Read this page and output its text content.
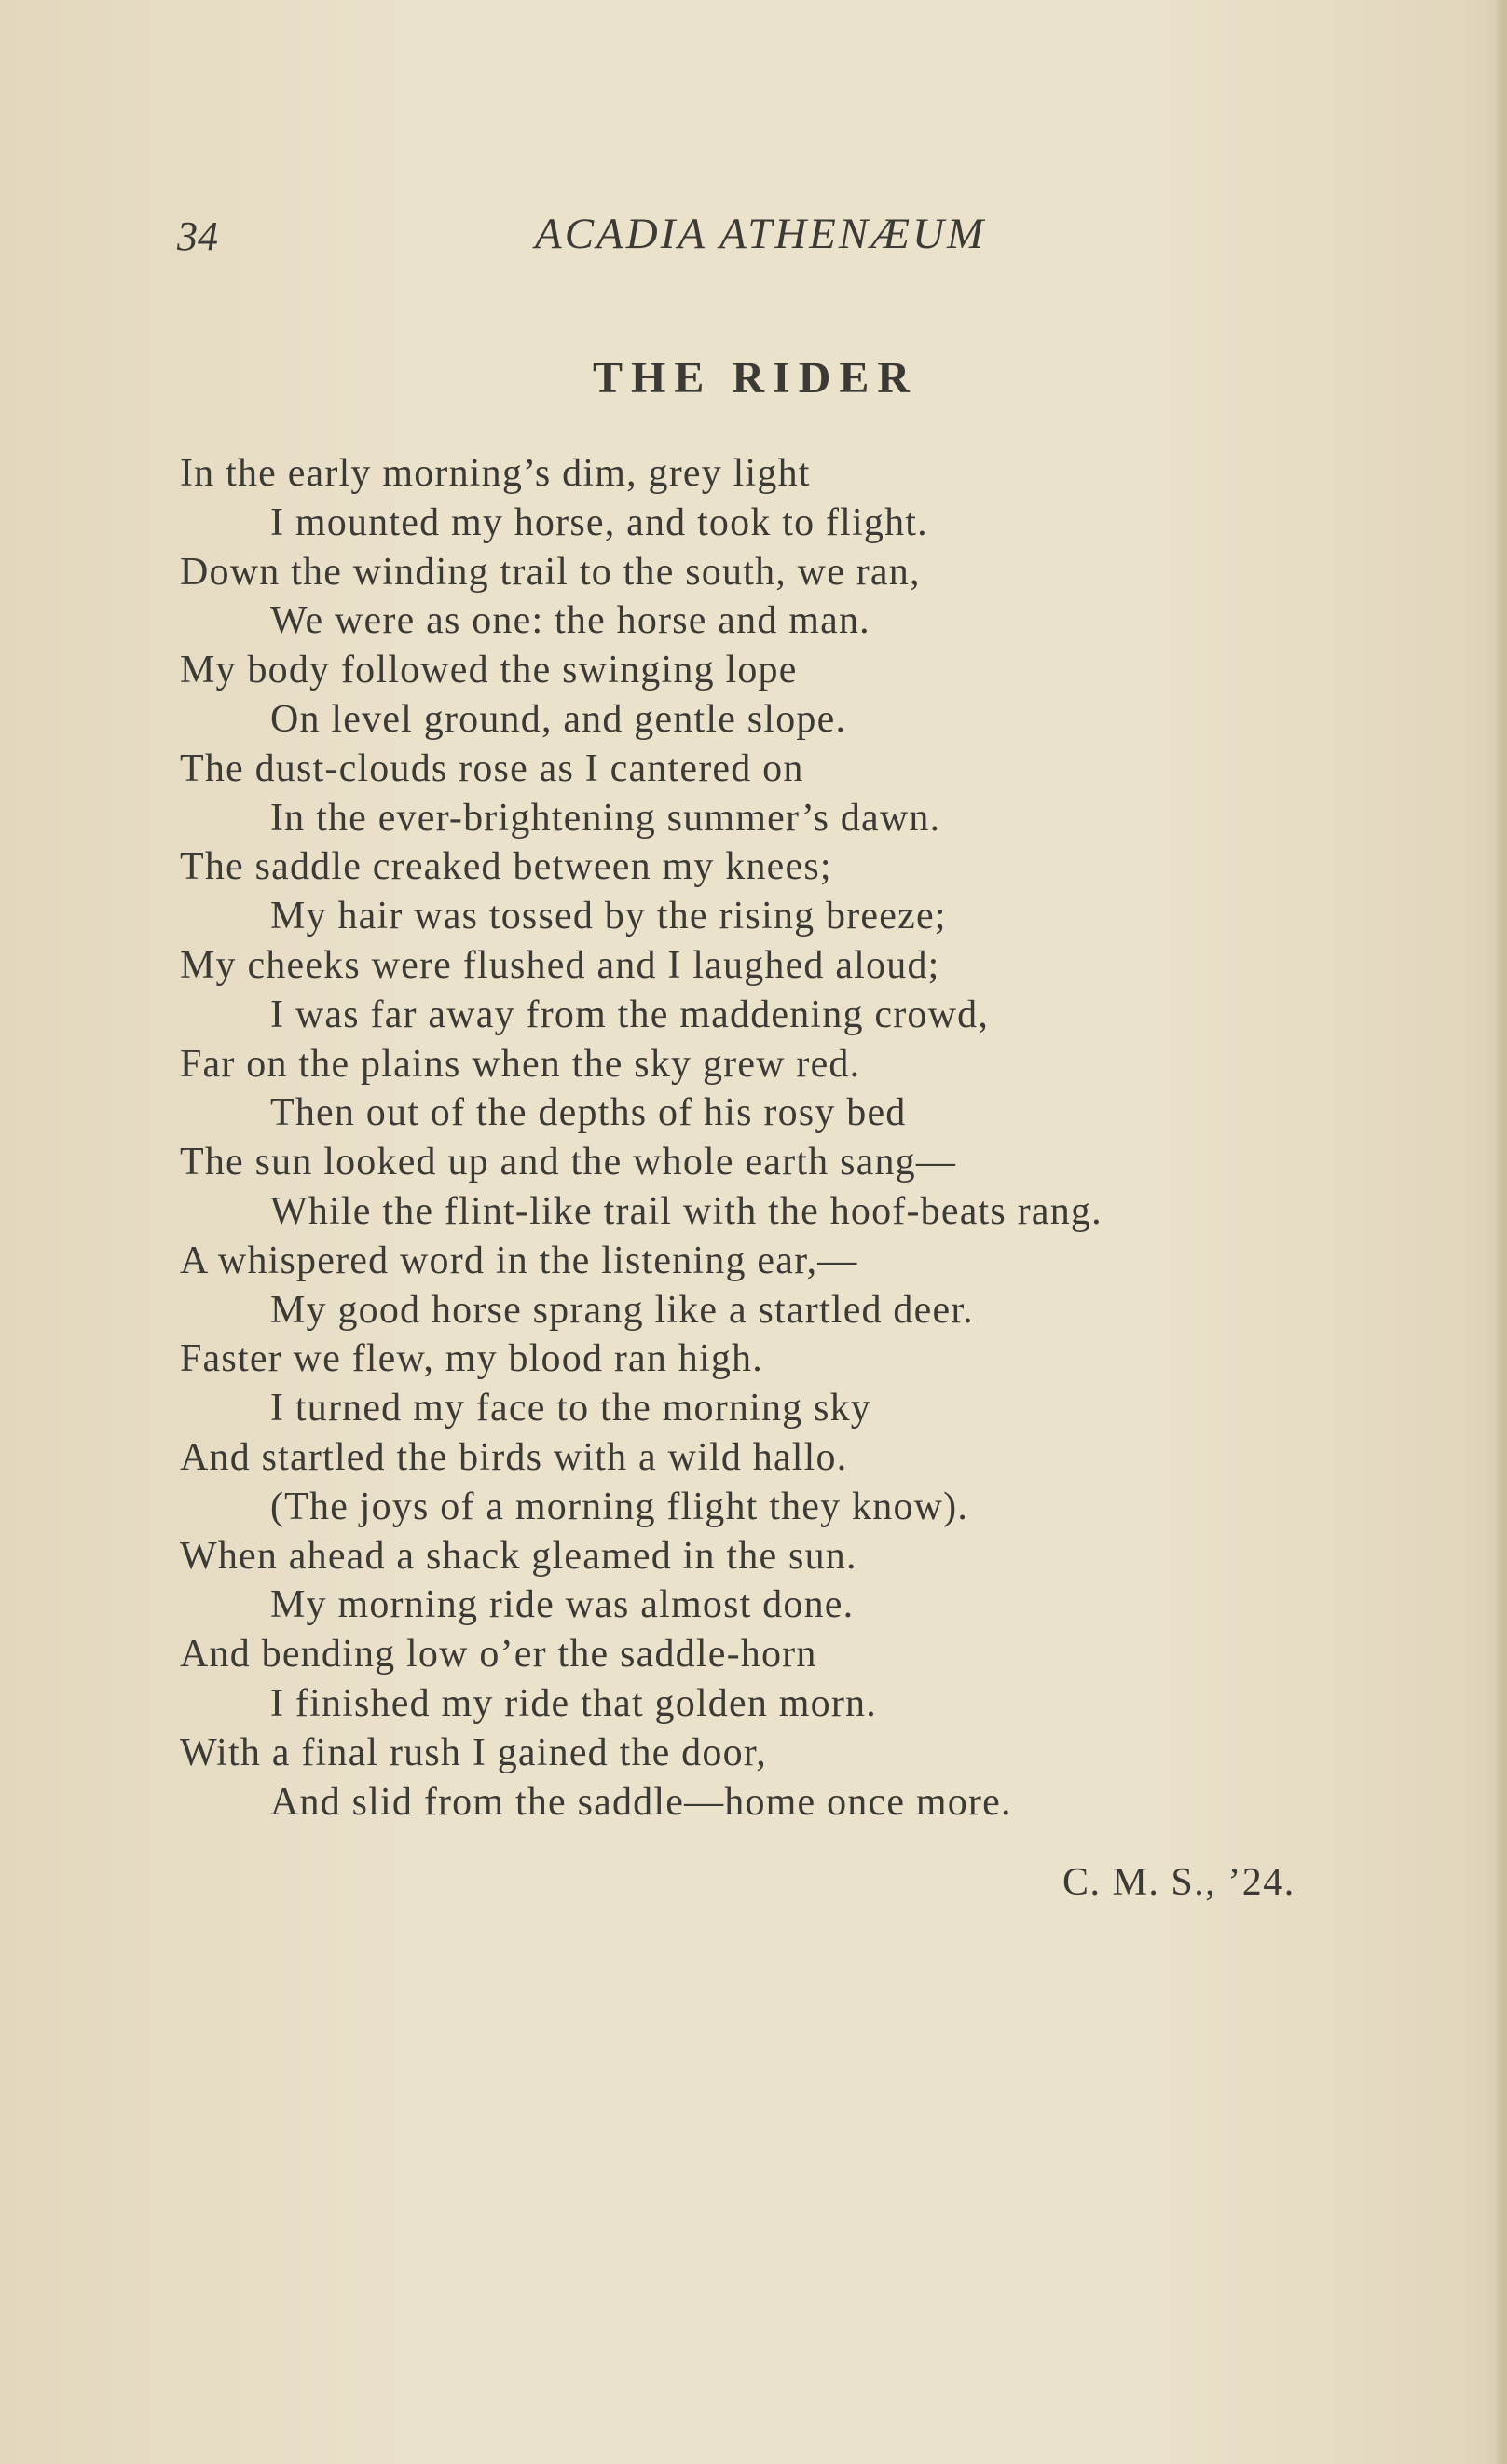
34	ACADIA ATHENÆUM
THE RIDER
In the early morning’s dim, grey light
I mounted my horse, and took to flight.
Down the winding trail to the south, we ran,
We were as one: the horse and man.
My body followed the swinging lope
On level ground, and gentle slope.
The dust-clouds rose as I cantered on
In the ever-brightening summer’s dawn.
The saddle creaked between my knees;
My hair was tossed by the rising breeze;
My cheeks were flushed and I laughed aloud;
I was far away from the maddening crowd,
Far on the plains when the sky grew red.
Then out of the depths of his rosy bed
The sun looked up and the whole earth sang—
While the flint-like trail with the hoof-beats rang.
A whispered word in the listening ear,—
My good horse sprang like a startled deer.
Faster we flew, my blood ran high.
I turned my face to the morning sky
And startled the birds with a wild hallo.
(The joys of a morning flight they know).
When ahead a shack gleamed in the sun.
My morning ride was almost done.
And bending low o’er the saddle-horn
I finished my ride that golden morn.
With a final rush I gained the door,
And slid from the saddle—home once more.
C. M. S., ’24.
